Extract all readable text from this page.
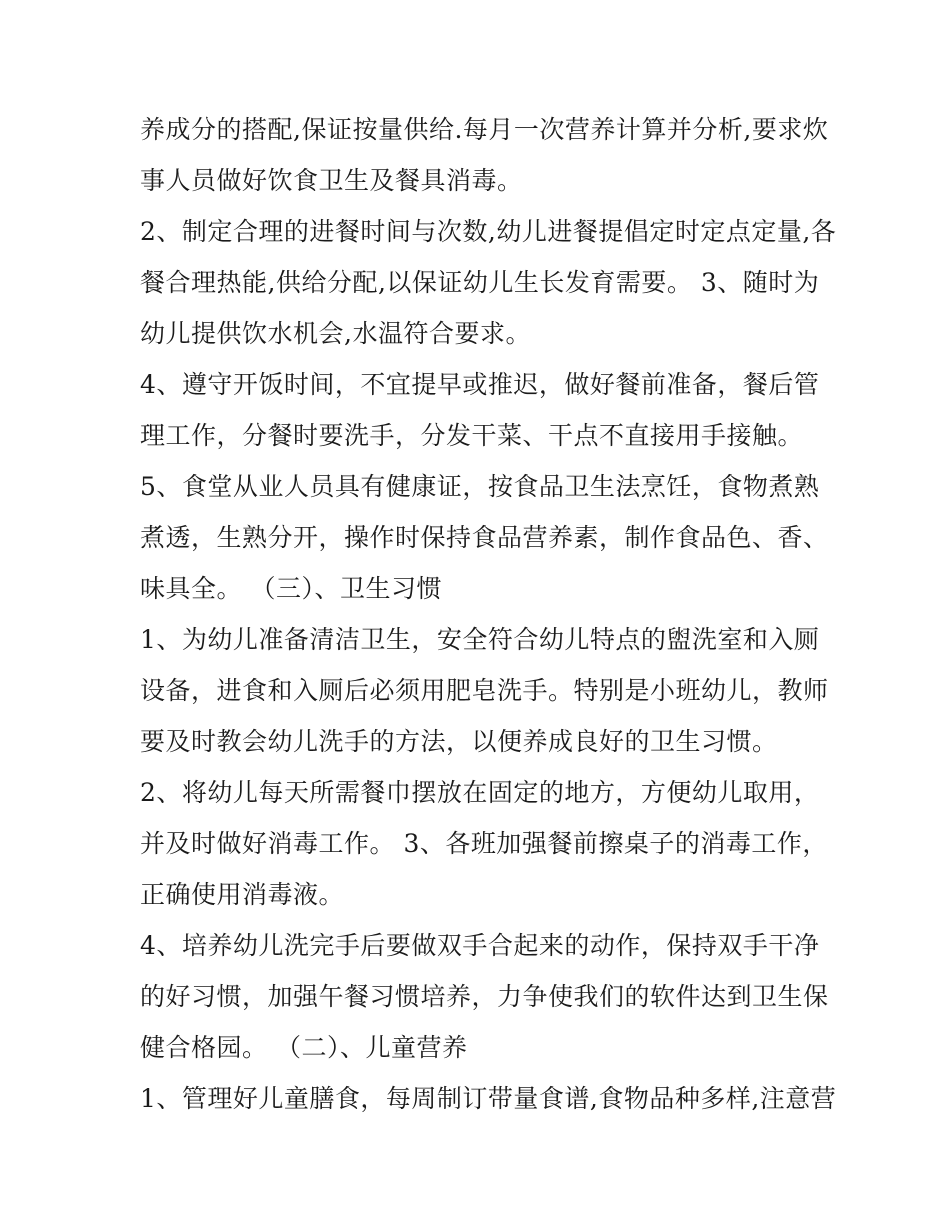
养成分的搭配,保证按量供给.每月一次营养计算并分析,要求炊
事人员做好饮食卫生及餐具消毒。
2、制定合理的进餐时间与次数,幼儿进餐提倡定时定点定量,各
餐合理热能,供给分配,以保证幼儿生长发育需要。 3、随时为
幼儿提供饮水机会,水温符合要求。
4、遵守开饭时间，不宜提早或推迟，做好餐前准备，餐后管
理工作，分餐时要洗手，分发干菜、干点不直接用手接触。
5、食堂从业人员具有健康证，按食品卫生法烹饪，食物煮熟
煮透，生熟分开，操作时保持食品营养素，制作食品色、香、
味具全。 （三）、卫生习惯
1、为幼儿准备清洁卫生，安全符合幼儿特点的盥洗室和入厕
设备，进食和入厕后必须用肥皂洗手。特别是小班幼儿，教师
要及时教会幼儿洗手的方法，以便养成良好的卫生习惯。
2、将幼儿每天所需餐巾摆放在固定的地方，方便幼儿取用，
并及时做好消毒工作。 3、各班加强餐前擦桌子的消毒工作，
正确使用消毒液。
4、培养幼儿洗完手后要做双手合起来的动作，保持双手干净
的好习惯，加强午餐习惯培养，力争使我们的软件达到卫生保
健合格园。 （二）、儿童营养
1、管理好儿童膳食，每周制订带量食谱,食物品种多样,注意营
